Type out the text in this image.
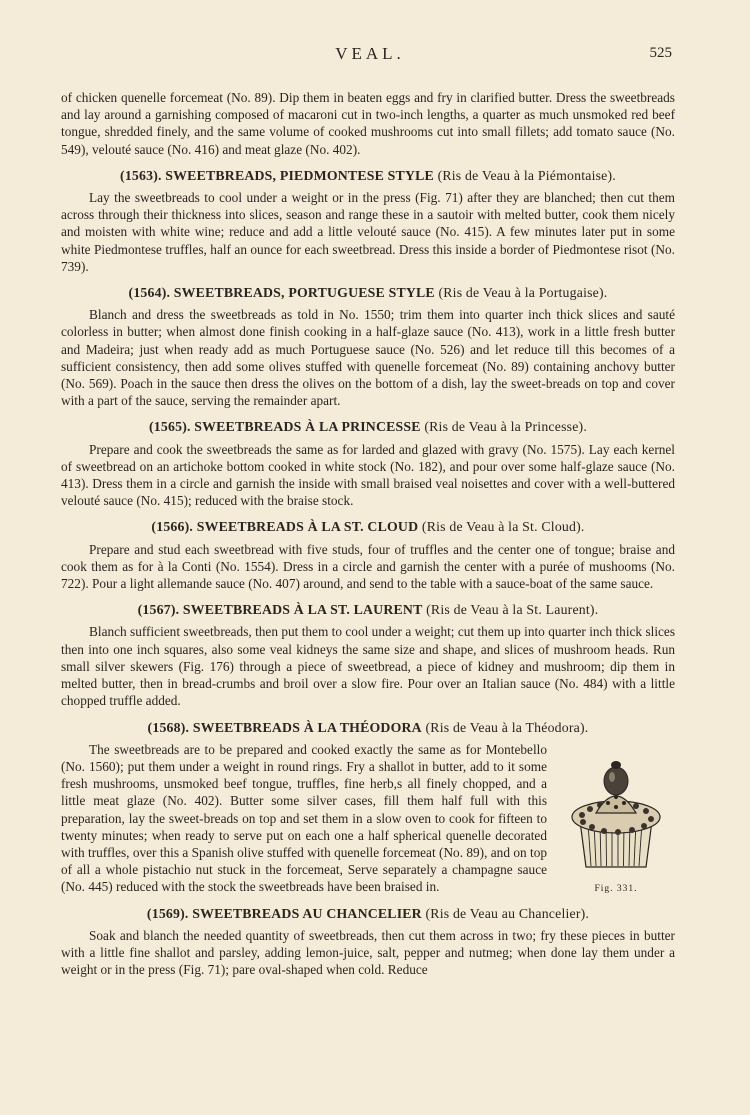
VEAL.	525

of chicken quenelle forcemeat (No. 89). Dip them in beaten eggs and fry in clarified butter. Dress the sweetbreads and lay around a garnishing composed of macaroni cut in two-inch lengths, a quarter as much unsmoked red beef tongue, shredded finely, and the same volume of cooked mushrooms cut into small fillets; add tomato sauce (No. 549), velouté sauce (No. 416) and meat glaze (No. 402).

(1563). SWEETBREADS, PIEDMONTESE STYLE (Ris de Veau à la Piémontaise).

Lay the sweetbreads to cool under a weight or in the press (Fig. 71) after they are blanched; then cut them across through their thickness into slices, season and range these in a sautoir with melted butter, cook them nicely and moisten with white wine; reduce and add a little velouté sauce (No. 415). A few minutes later put in some white Piedmontese truffles, half an ounce for each sweetbread. Dress this inside a border of Piedmontese risot (No. 739).

(1564). SWEETBREADS, PORTUGUESE STYLE (Ris de Veau à la Portugaise).

Blanch and dress the sweetbreads as told in No. 1550; trim them into quarter inch thick slices and sauté colorless in butter; when almost done finish cooking in a half-glaze sauce (No. 413), work in a little fresh butter and Madeira; just when ready add as much Portuguese sauce (No. 526) and let reduce till this becomes of a sufficient consistency, then add some olives stuffed with quenelle forcemeat (No. 89) containing anchovy butter (No. 569). Poach in the sauce then dress the olives on the bottom of a dish, lay the sweet-breads on top and cover with a part of the sauce, serving the remainder apart.

(1565). SWEETBREADS À LA PRINCESSE (Ris de Veau à la Princesse).

Prepare and cook the sweetbreads the same as for larded and glazed with gravy (No. 1575). Lay each kernel of sweetbread on an artichoke bottom cooked in white stock (No. 182), and pour over some half-glaze sauce (No. 413). Dress them in a circle and garnish the inside with small braised veal noisettes and cover with a well-buttered velouté sauce (No. 415); reduced with the braise stock.

(1566). SWEETBREADS À LA ST. CLOUD (Ris de Veau à la St. Cloud).

Prepare and stud each sweetbread with five studs, four of truffles and the center one of tongue; braise and cook them as for à la Conti (No. 1554). Dress in a circle and garnish the center with a purée of mushooms (No. 722). Pour a light allemande sauce (No. 407) around, and send to the table with a sauce-boat of the same sauce.

(1567). SWEETBREADS À LA ST. LAURENT (Ris de Veau à la St. Laurent).

Blanch sufficient sweetbreads, then put them to cool under a weight; cut them up into quarter inch thick slices then into one inch squares, also some veal kidneys the same size and shape, and slices of mushroom heads. Run small silver skewers (Fig. 176) through a piece of sweetbread, a piece of kidney and mushroom; dip them in melted butter, then in bread-crumbs and broil over a slow fire. Pour over an Italian sauce (No. 484) with a little chopped truffle added.

(1568). SWEETBREADS À LA THÉODORA (Ris de Veau à la Théodora).
Fig. 331.

The sweetbreads are to be prepared and cooked exactly the same as for Montebello (No. 1560); put them under a weight in round rings. Fry a shallot in butter, add to it some fresh mushrooms, unsmoked beef tongue, truffles, fine herb,s all finely chopped, and a little meat glaze (No. 402). Butter some silver cases, fill them half full with this preparation, lay the sweet-breads on top and set them in a slow oven to cook for fifteen to twenty minutes; when ready to serve put on each one a half spherical quenelle decorated with truffles, over this a Spanish olive stuffed with quenelle forcemeat (No. 89), and on top of all a whole pistachio nut stuck in the forcemeat, Serve separately a champagne sauce (No. 445) reduced with the stock the sweetbreads have been braised in.

(1569). SWEETBREADS AU CHANCELIER (Ris de Veau au Chancelier).

Soak and blanch the needed quantity of sweetbreads, then cut them across in two; fry these pieces in butter with a little fine shallot and parsley, adding lemon-juice, salt, pepper and nutmeg; when done lay them under a weight or in the press (Fig. 71); pare oval-shaped when cold. Reduce
